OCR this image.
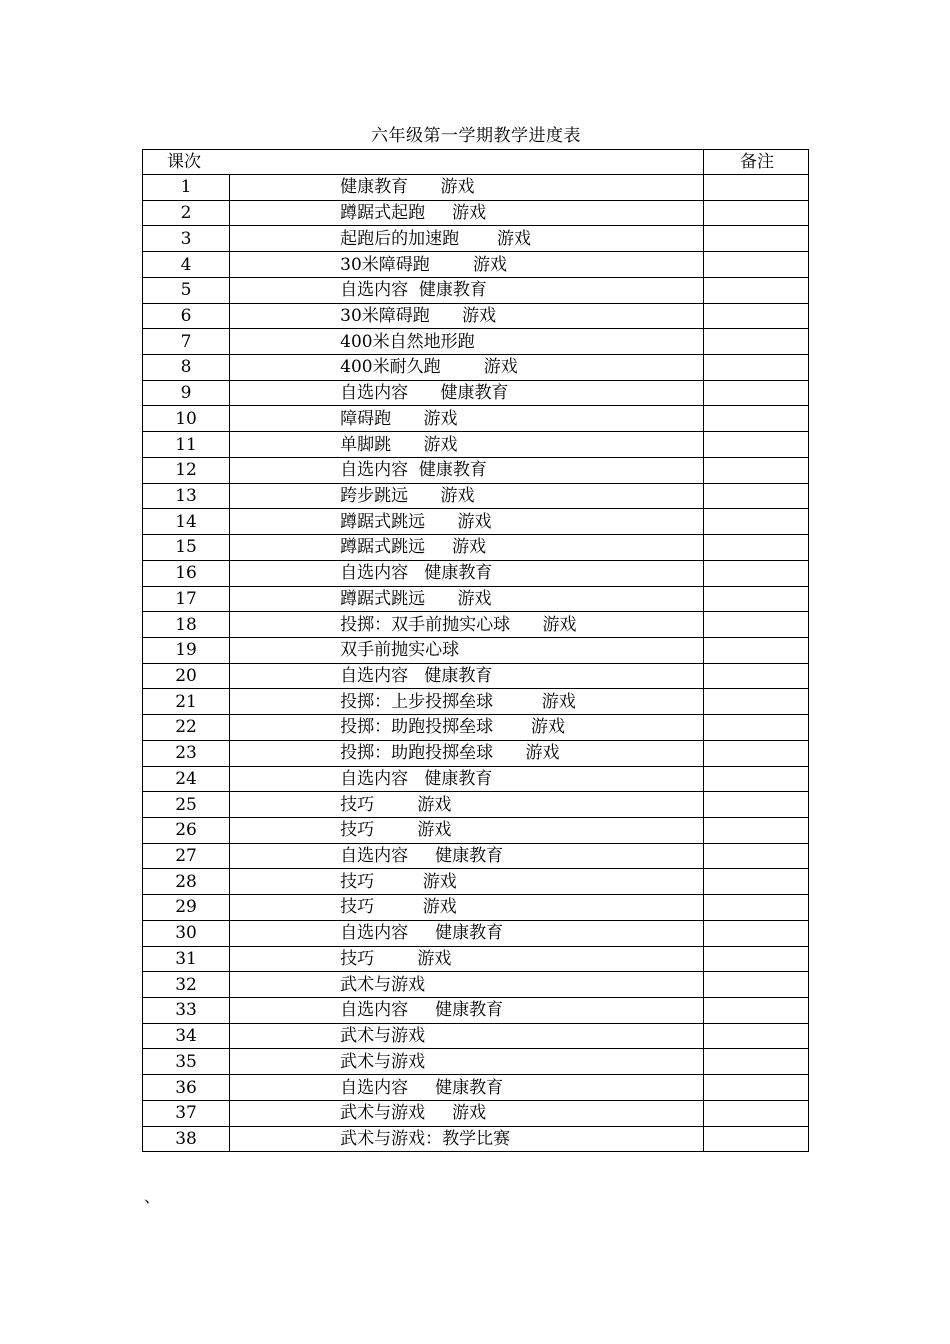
六年级第一学期教学进度表
课次		备注
1	健康教育      游戏	
2	蹲踞式起跑     游戏	
3	起跑后的加速跑       游戏	
4	30米障碍跑        游戏	
5	自选内容  健康教育	
6	30米障碍跑      游戏	
7	400米自然地形跑	
8	400米耐久跑        游戏	
9	自选内容      健康教育	
10	障碍跑      游戏	
11	单脚跳      游戏	
12	自选内容  健康教育	
13	跨步跳远      游戏	
14	蹲踞式跳远      游戏	
15	蹲踞式跳远     游戏	
16	自选内容   健康教育	
17	蹲踞式跳远      游戏	
18	投掷：双手前抛实心球      游戏	
19	双手前抛实心球	
20	自选内容   健康教育	
21	投掷：上步投掷垒球         游戏	
22	投掷：助跑投掷垒球       游戏	
23	投掷：助跑投掷垒球      游戏	
24	自选内容   健康教育	
25	技巧        游戏	
26	技巧        游戏	
27	自选内容     健康教育	
28	技巧         游戏	
29	技巧         游戏	
30	自选内容     健康教育	
31	技巧        游戏	
32	武术与游戏	
33	自选内容     健康教育	
34	武术与游戏	
35	武术与游戏	
36	自选内容     健康教育	
37	武术与游戏     游戏	
38	武术与游戏：教学比赛	
、
